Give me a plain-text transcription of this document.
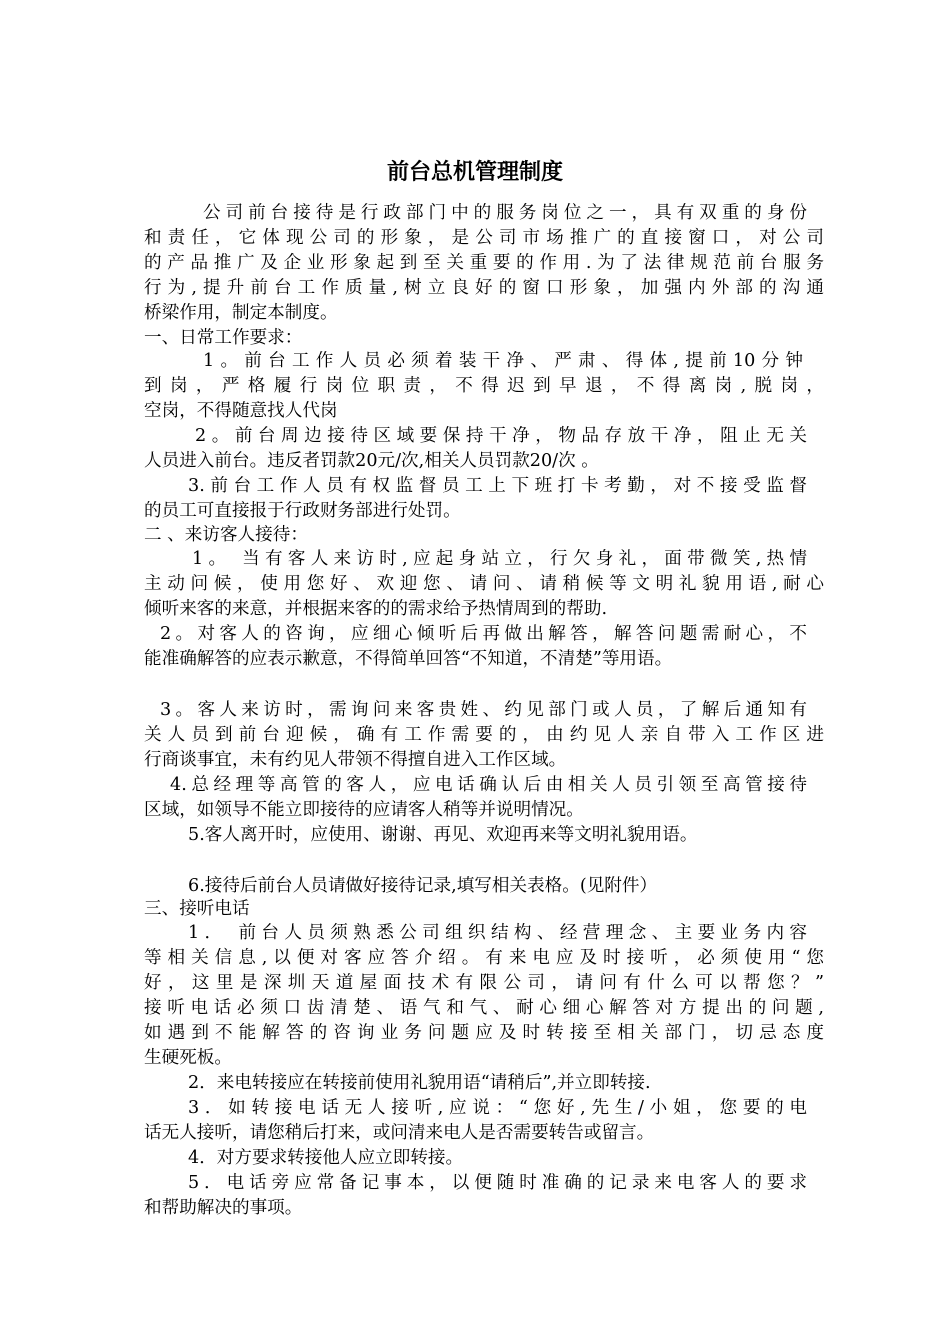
前台总机管理制度
公司前台接待是行政部门中的服务岗位之一，具有双重的身份
和责任，它体现公司的形象，是公司市场推广的直接窗口，对公司
的产品推广及企业形象起到至关重要的作用.为了法律规范前台服务
行为,提升前台工作质量,树立良好的窗口形象，加强内外部的沟通
桥梁作用，制定本制度。
一、日常工作要求：
1。前台工作人员必须着装干净、严肃、得体,提前10分钟
到岗，严格履行岗位职责，不得迟到早退，不得离岗,脱岗，
空岗，不得随意找人代岗
2。前台周边接待区域要保持干净，物品存放干净，阻止无关
人员进入前台。违反者罚款20元/次,相关人员罚款20/次 。
3.前台工作人员有权监督员工上下班打卡考勤，对不接受监督
的员工可直接报于行政财务部进行处罚。
二 、来访客人接待：
1。 当有客人来访时,应起身站立，行欠身礼，面带微笑,热情
主动问候，使用您好、欢迎您、请问、请稍候等文明礼貌用语,耐心
倾听来客的来意，并根据来客的的需求给予热情周到的帮助.
2。对客人的咨询，应细心倾听后再做出解答，解答问题需耐心，不
能准确解答的应表示歉意，不得简单回答“不知道，不清楚”等用语。
3。客人来访时，需询问来客贵姓、约见部门或人员，了解后通知有
关人员到前台迎候，确有工作需要的，由约见人亲自带入工作区进
行商谈事宜，未有约见人带领不得擅自进入工作区域。
4.总经理等高管的客人，应电话确认后由相关人员引领至高管接待
区域，如领导不能立即接待的应请客人稍等并说明情况。
5.客人离开时，应使用、谢谢、再见、欢迎再来等文明礼貌用语。
6.接待后前台人员请做好接待记录,填写相关表格。(见附件）
三、接听电话
1． 前台人员须熟悉公司组织结构、经营理念、主要业务内容
等相关信息,以便对客应答介绍。有来电应及时接听，必须使用“您
好，这里是深圳天道屋面技术有限公司，请问有什么可以帮您？”
接听电话必须口齿清楚、语气和气、耐心细心解答对方提出的问题,
如遇到不能解答的咨询业务问题应及时转接至相关部门，切忌态度
生硬死板。
2．来电转接应在转接前使用礼貌用语“请稍后”,并立即转接.
3．如转接电话无人接听,应说：“您好,先生/小姐，您要的电
话无人接听，请您稍后打来，或问清来电人是否需要转告或留言。
4．对方要求转接他人应立即转接。
5．电话旁应常备记事本，以便随时准确的记录来电客人的要求
和帮助解决的事项。
